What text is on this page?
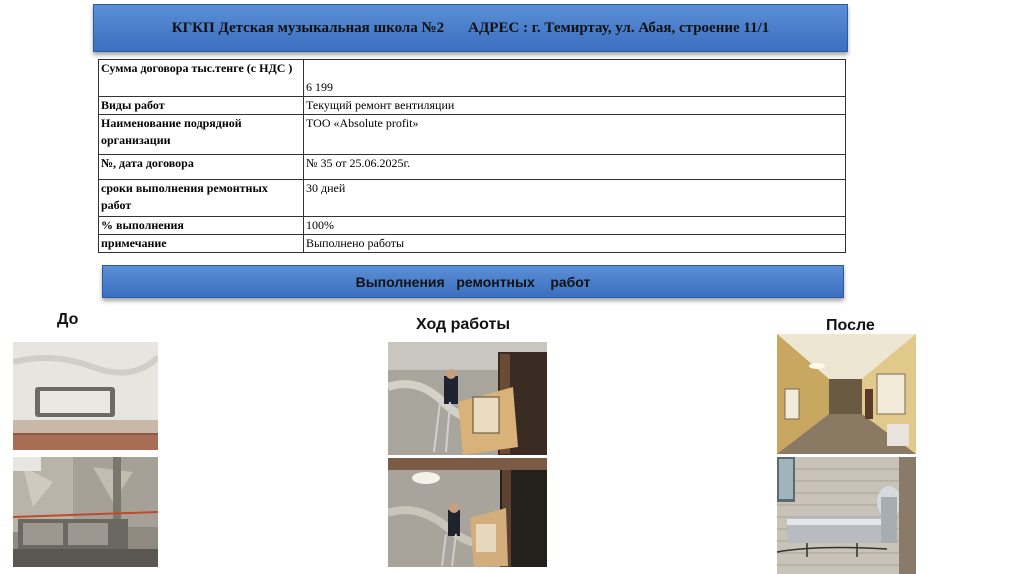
КГКП Детская музыкальная школа №2 АДРЕС : г. Темиртау, ул. Абая, строение 11/1
Сумма договора тыс.тенге (с НДС )	6 199
Виды работ	Текущий ремонт вентиляции
Наименование подрядной организации	ТОО «Absolute profit»
№, дата договора	№ 35 от 25.06.2025г.
сроки выполнения ремонтных работ	30 дней
% выполнения	100%
примечание	Выполнено работы
Выполнения   ремонтных    работ
До	Ход работы	После
